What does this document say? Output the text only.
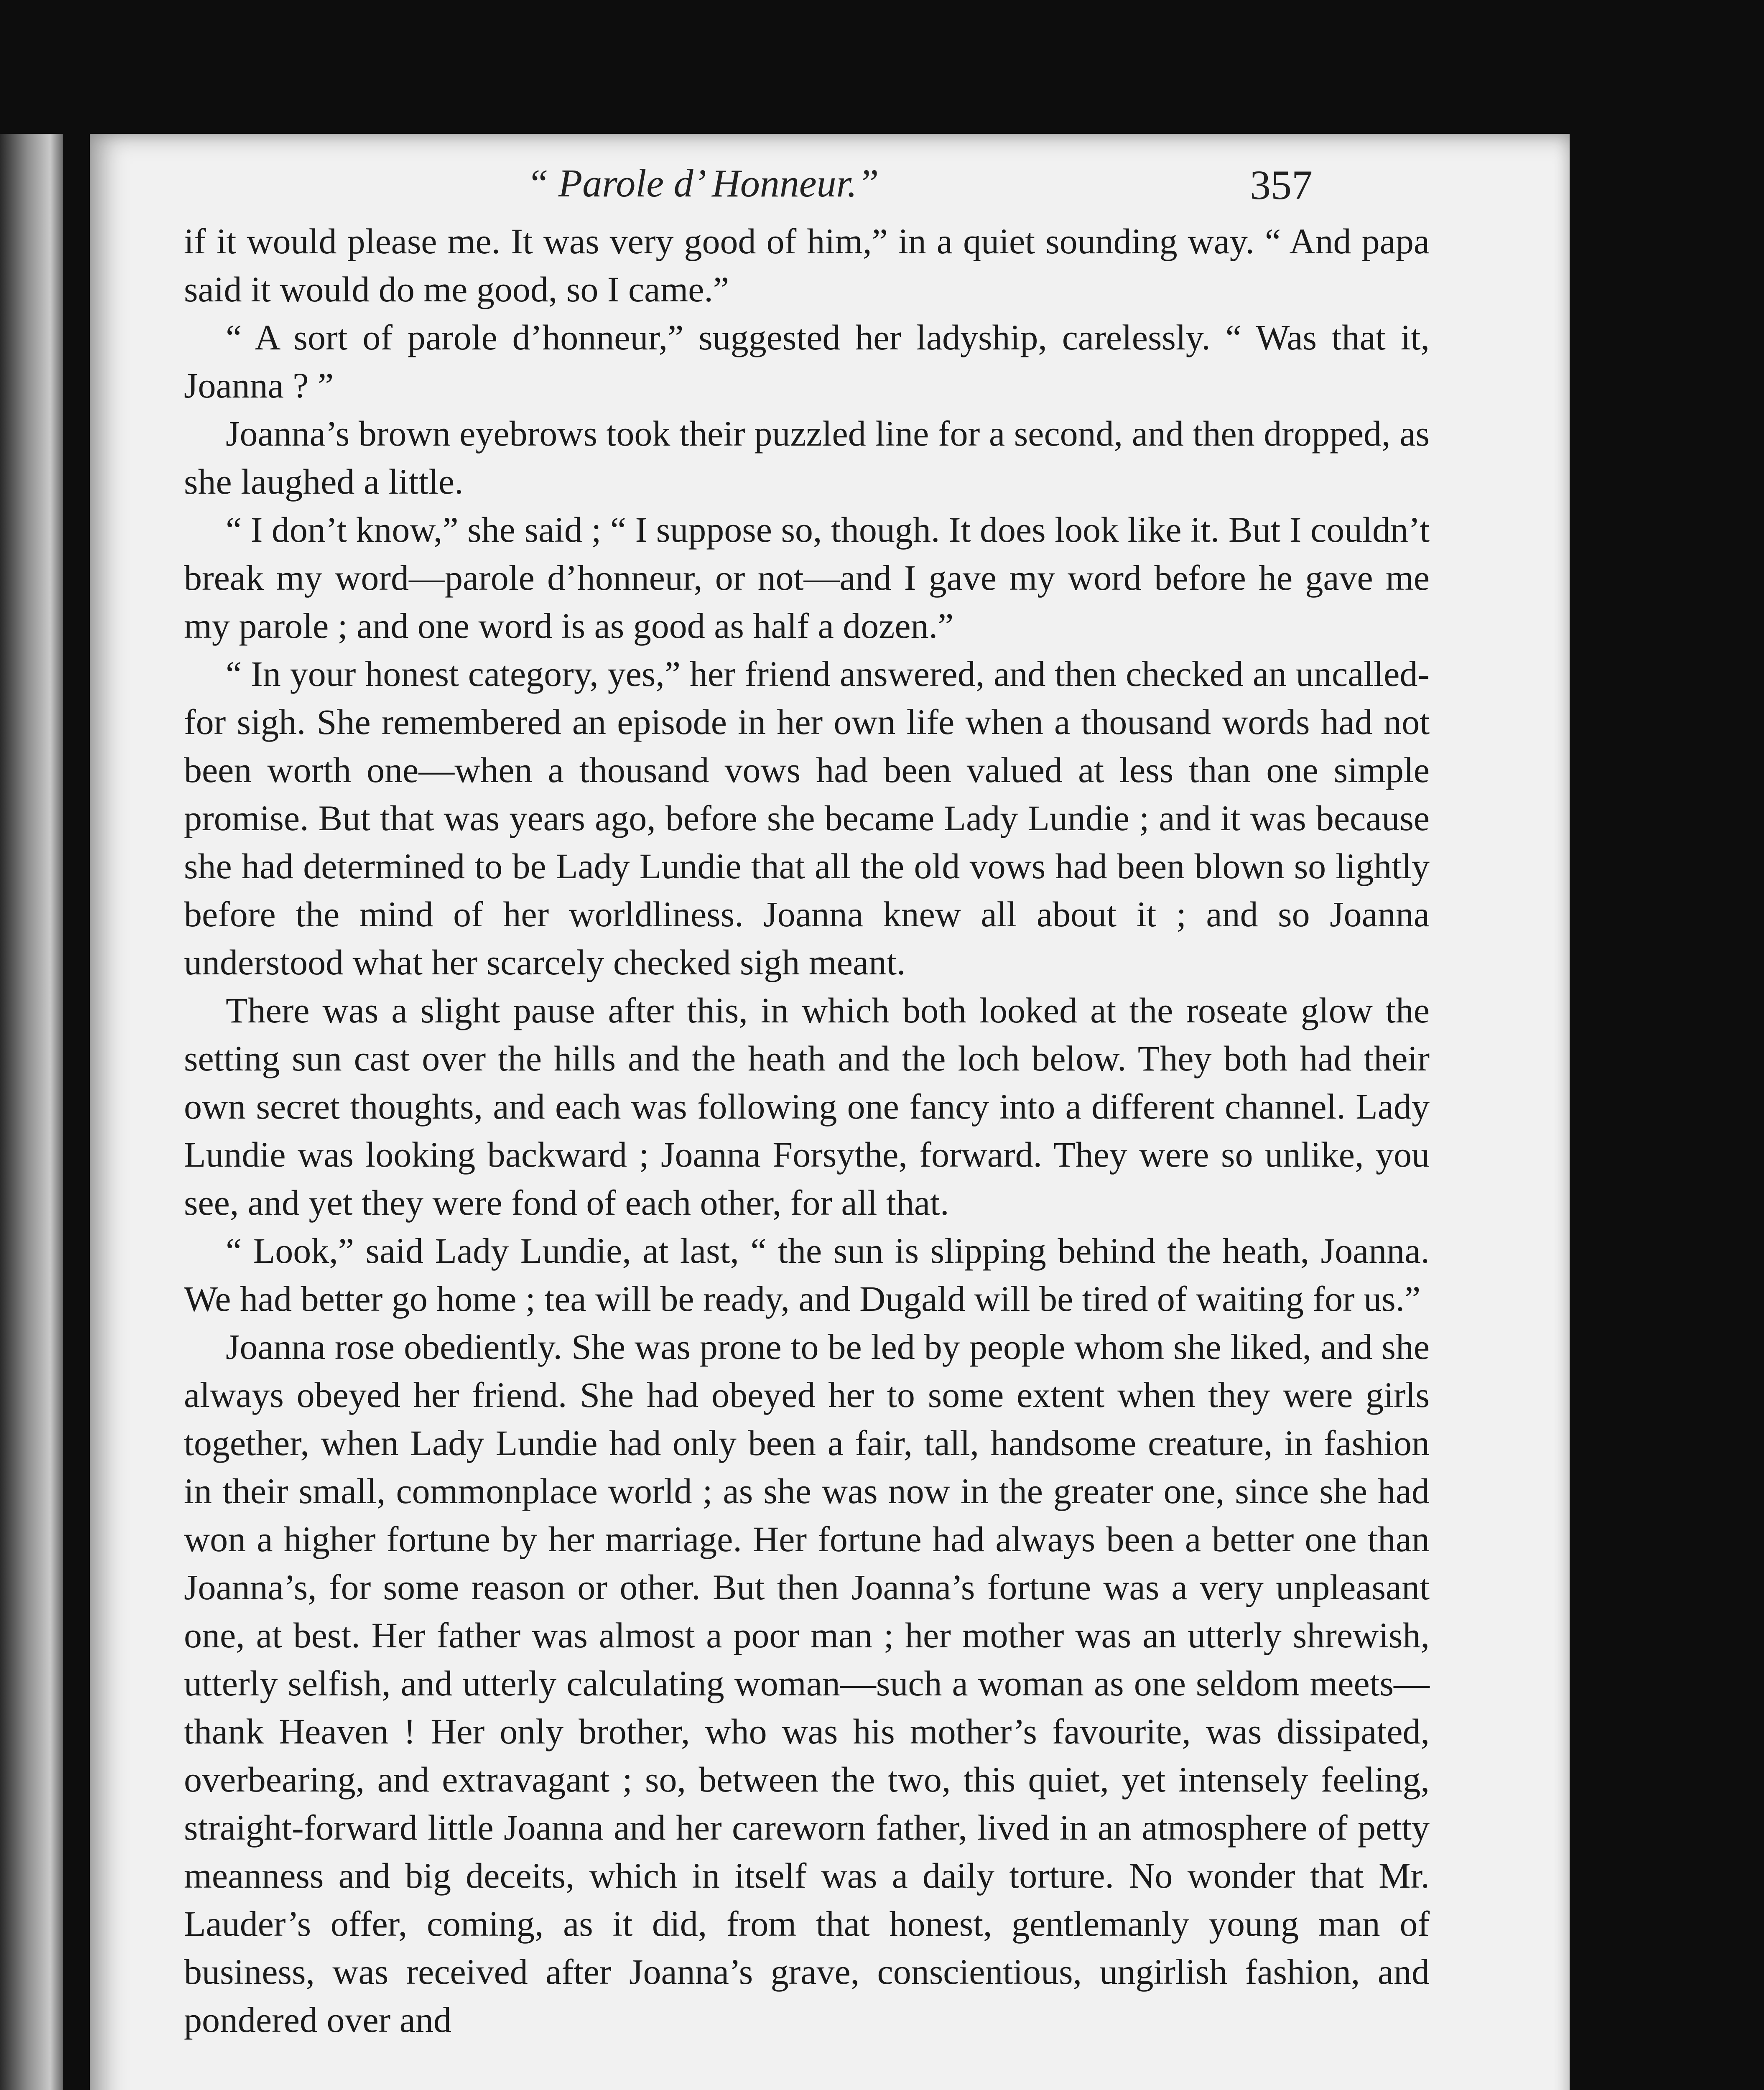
“ Parole d’ Honneur.”	357

if it would please me. It was very good of him,” in a quiet sounding way. “ And papa said it would do me good, so I came.”

“ A sort of parole d’honneur,” suggested her ladyship, carelessly. “ Was that it, Joanna ? ”

Joanna’s brown eyebrows took their puzzled line for a second, and then dropped, as she laughed a little.

“ I don’t know,” she said ; “ I suppose so, though. It does look like it. But I couldn’t break my word—parole d’honneur, or not—and I gave my word before he gave me my parole ; and one word is as good as half a dozen.”

“ In your honest category, yes,” her friend answered, and then checked an uncalled-for sigh. She remembered an episode in her own life when a thousand words had not been worth one—when a thousand vows had been valued at less than one simple promise. But that was years ago, before she became Lady Lundie ; and it was because she had determined to be Lady Lundie that all the old vows had been blown so lightly before the mind of her worldliness. Joanna knew all about it ; and so Joanna understood what her scarcely checked sigh meant.

There was a slight pause after this, in which both looked at the roseate glow the setting sun cast over the hills and the heath and the loch below. They both had their own secret thoughts, and each was following one fancy into a different channel. Lady Lundie was looking backward ; Joanna Forsythe, forward. They were so unlike, you see, and yet they were fond of each other, for all that.

“ Look,” said Lady Lundie, at last, “ the sun is slipping behind the heath, Joanna. We had better go home ; tea will be ready, and Dugald will be tired of waiting for us.”

Joanna rose obediently. She was prone to be led by people whom she liked, and she always obeyed her friend. She had obeyed her to some extent when they were girls together, when Lady Lundie had only been a fair, tall, handsome creature, in fashion in their small, commonplace world ; as she was now in the greater one, since she had won a higher fortune by her marriage. Her fortune had always been a better one than Joanna’s, for some reason or other. But then Joanna’s fortune was a very unpleasant one, at best. Her father was almost a poor man ; her mother was an utterly shrewish, utterly selfish, and utterly calculating woman—such a woman as one seldom meets—thank Heaven ! Her only brother, who was his mother’s favourite, was dissipated, overbearing, and extravagant ; so, between the two, this quiet, yet intensely feeling, straight-forward little Joanna and her careworn father, lived in an atmosphere of petty meanness and big deceits, which in itself was a daily torture. No wonder that Mr. Lauder’s offer, coming, as it did, from that honest, gentlemanly young man of business, was received after Joanna’s grave, conscientious, ungirlish fashion, and pondered over and
